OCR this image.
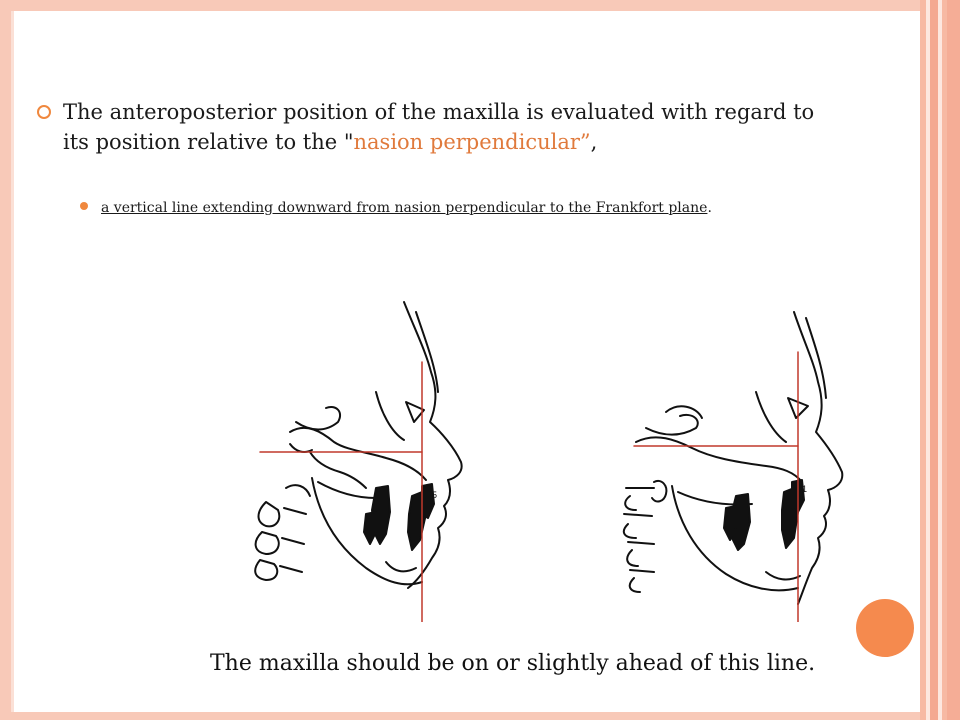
The anteroposterior position of the maxilla is evaluated with regard to its position relative to the "nasion perpendicular”,
a vertical line extending downward from nasion perpendicular to the Frankfort plane.
5
1
The maxilla should be on or slightly ahead of this line.
